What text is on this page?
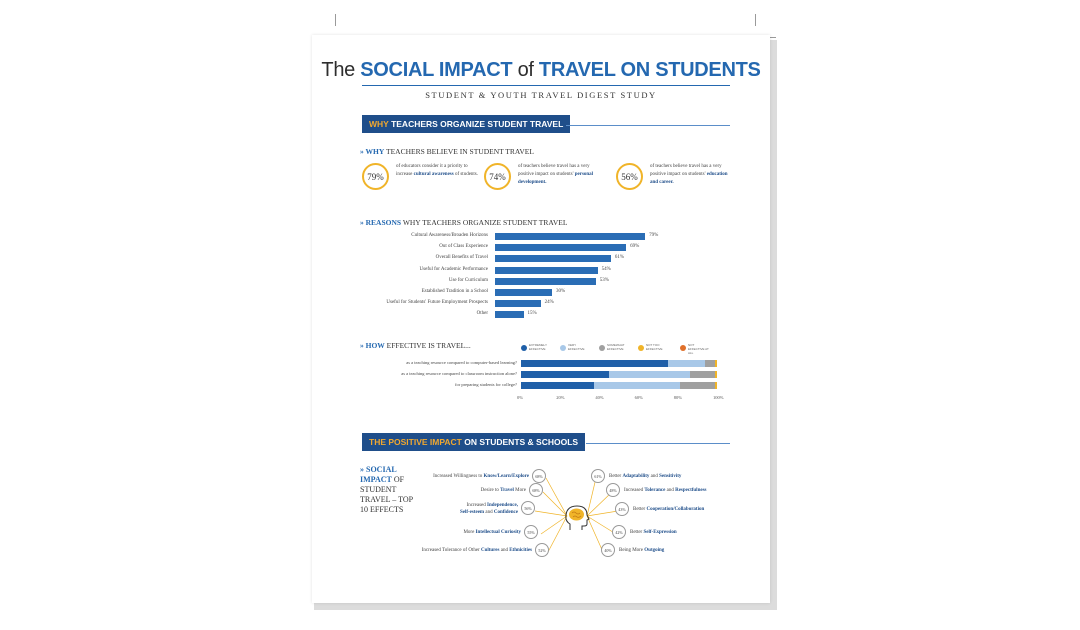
The SOCIAL IMPACT of TRAVEL ON STUDENTS
STUDENT & YOUTH TRAVEL DIGEST STUDY
WHY TEACHERS ORGANIZE STUDENT TRAVEL
» WHY TEACHERS BELIEVE IN STUDENT TRAVEL
79%
of educators consider it a priority to increase cultural awareness of students.	74%
of teachers believe travel has a very positive impact on students' personal development.
56%
of teachers believe travel has a very positive impact on students' education and career.
» REASONS WHY TEACHERS ORGANIZE STUDENT TRAVEL
Cultural Awareness/Broaden Horizons	79%
Out of Class Experience	69%
Overall Benefits of Travel	61%
Useful for Academic Performance	54%
Use for Curriculum	53%
Established Tradition in a School	30%
Useful for Students' Future Employment Prospects	24%
Other	15%
» HOW EFFECTIVE IS TRAVEL...	EXTREMELY EFFECTIVE
VERY EFFECTIVE
SOMEWHAT EFFECTIVE
NOT TOO EFFECTIVE
NOT EFFECTIVE AT ALL
as a teaching resource compared to computer-based learning?
as a teaching resource compared to classroom instruction alone?
for preparing students for college?
0%	20%	40%	60%	80%	100%
THE POSITIVE IMPACT ON STUDENTS & SCHOOLS
» SOCIAL IMPACT OF STUDENT TRAVEL – TOP 10 EFFECTS
Increased Willingness to Know/Learn/Explore	68%
Desire to Travel More	68%
Increased Independence,
Self-esteem and Confidence
56%
More Intellectual Curiosity	55%
Increased Tolerance of Other Cultures and Ethnicities	52%
61%	Better Adaptability and Sensitivity
48%	Increased Tolerance and Respectfulness
43%	Better Cooperation/Collaboration
42%	Better Self-Expression
40%	Being More Outgoing
